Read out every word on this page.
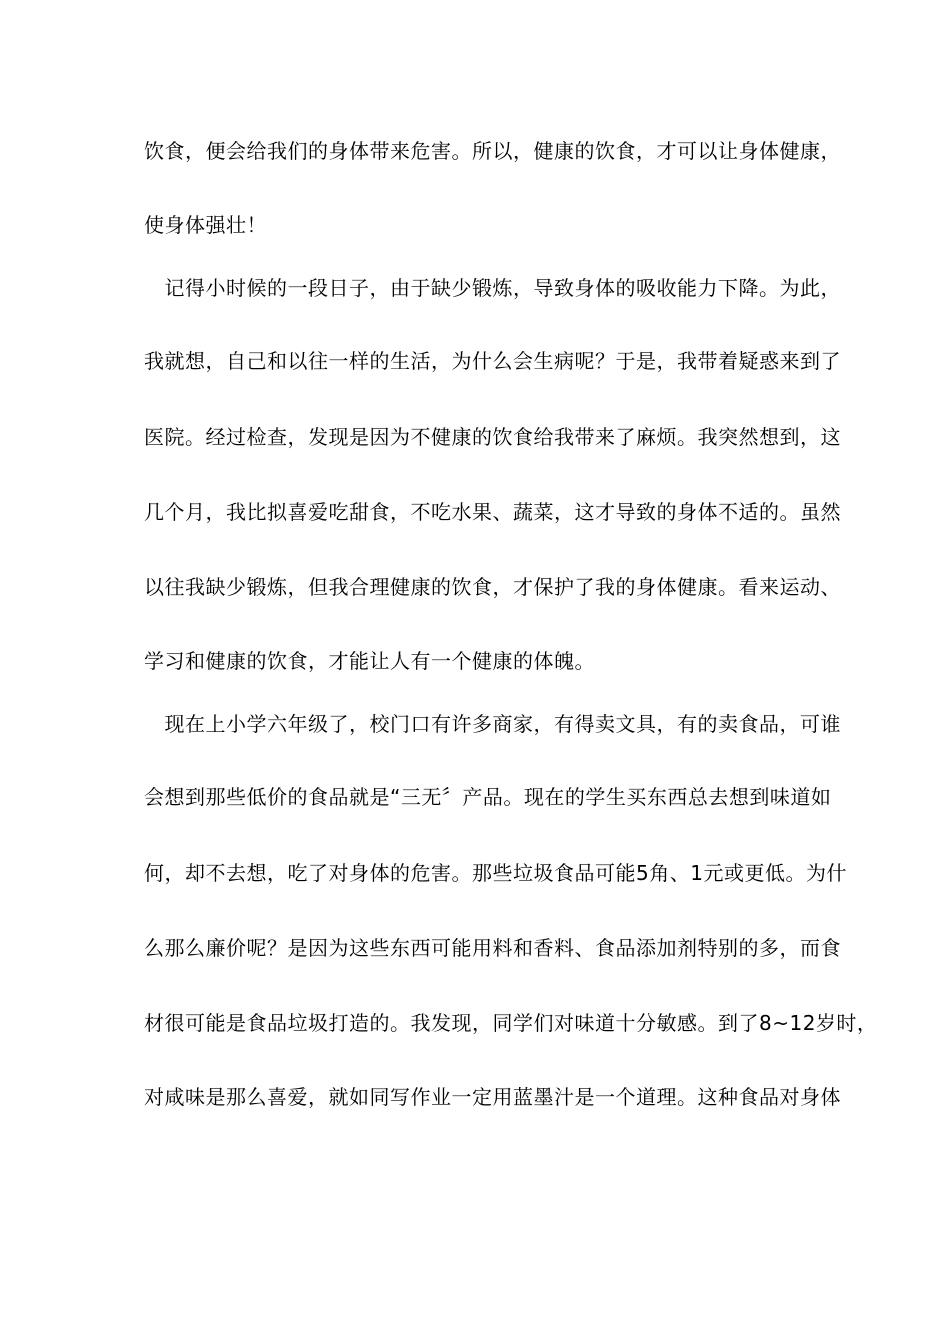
饮食，便会给我们的身体带来危害。所以，健康的饮食，才可以让身体健康，
使身体强壮！
　记得小时候的一段日子，由于缺少锻炼，导致身体的吸收能力下降。为此，
我就想，自己和以往一样的生活，为什么会生病呢？于是，我带着疑惑来到了
医院。经过检查，发现是因为不健康的饮食给我带来了麻烦。我突然想到，这
几个月，我比拟喜爱吃甜食，不吃水果、蔬菜，这才导致的身体不适的。虽然
以往我缺少锻炼，但我合理健康的饮食，才保护了我的身体健康。看来运动、
学习和健康的饮食，才能让人有一个健康的体魄。
　现在上小学六年级了，校门口有许多商家，有得卖文具，有的卖食品，可谁
会想到那些低价的食品就是“三无〞产品。现在的学生买东西总去想到味道如
何，却不去想，吃了对身体的危害。那些垃圾食品可能5角、1元或更低。为什
么那么廉价呢？是因为这些东西可能用料和香料、食品添加剂特别的多，而食
材很可能是食品垃圾打造的。我发现，同学们对味道十分敏感。到了8~12岁时，
对咸味是那么喜爱，就如同写作业一定用蓝墨汁是一个道理。这种食品对身体
